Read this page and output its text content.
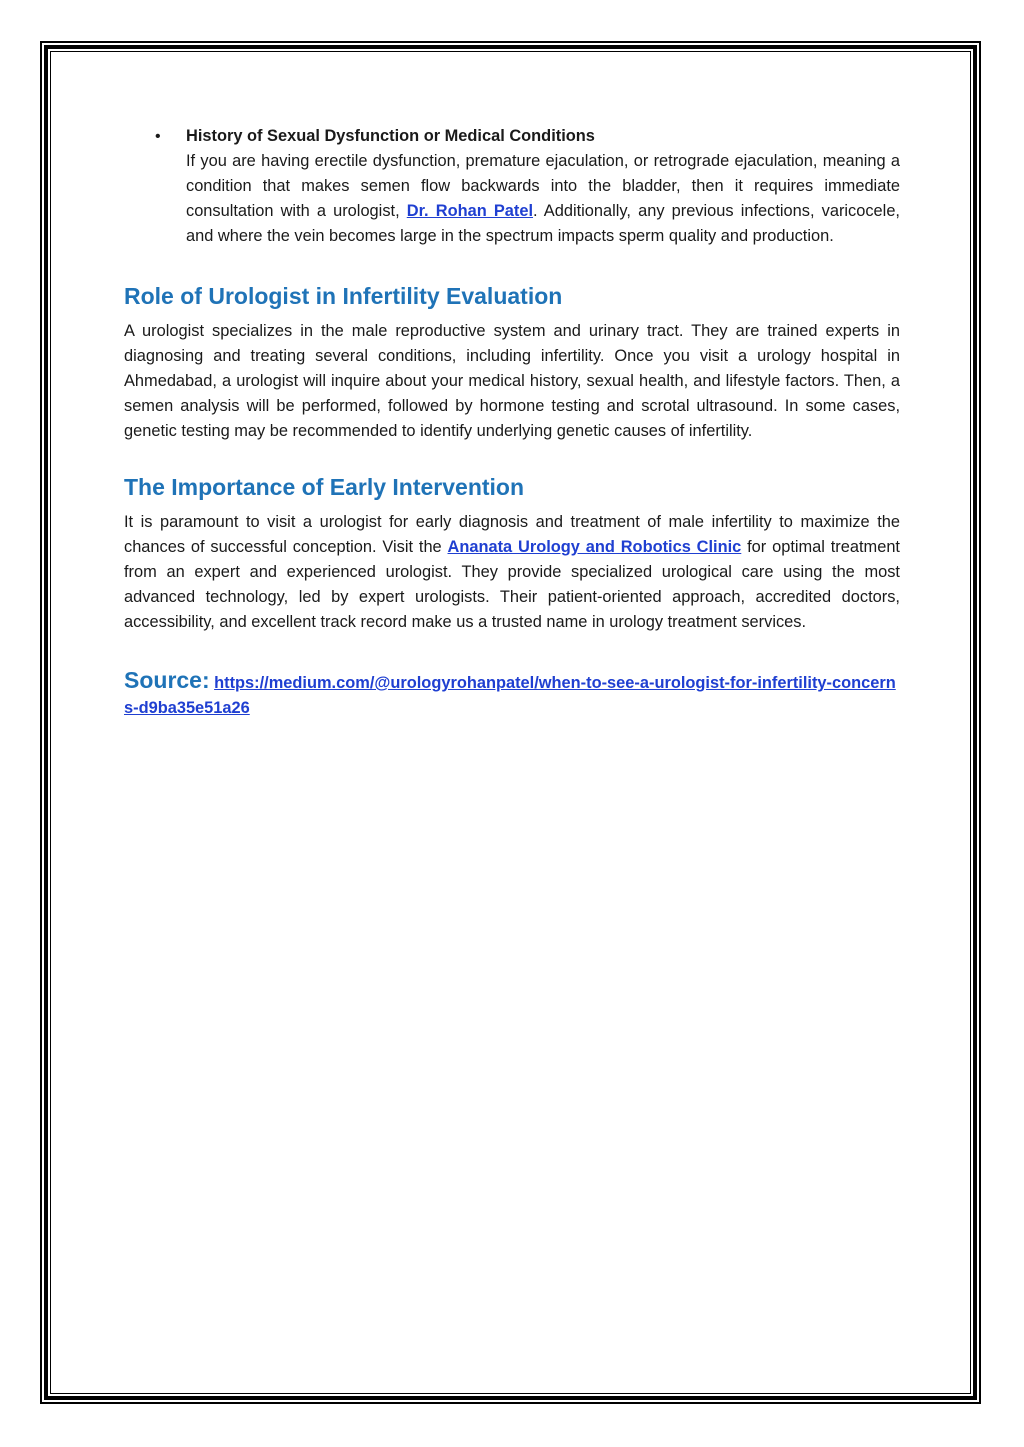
• History of Sexual Dysfunction or Medical Conditions
If you are having erectile dysfunction, premature ejaculation, or retrograde ejaculation, meaning a condition that makes semen flow backwards into the bladder, then it requires immediate consultation with a urologist, Dr. Rohan Patel. Additionally, any previous infections, varicocele, and where the vein becomes large in the spectrum impacts sperm quality and production.
Role of Urologist in Infertility Evaluation

A urologist specializes in the male reproductive system and urinary tract. They are trained experts in diagnosing and treating several conditions, including infertility. Once you visit a urology hospital in Ahmedabad, a urologist will inquire about your medical history, sexual health, and lifestyle factors. Then, a semen analysis will be performed, followed by hormone testing and scrotal ultrasound. In some cases, genetic testing may be recommended to identify underlying genetic causes of infertility.

The Importance of Early Intervention

It is paramount to visit a urologist for early diagnosis and treatment of male infertility to maximize the chances of successful conception. Visit the Ananata Urology and Robotics Clinic for optimal treatment from an expert and experienced urologist. They provide specialized urological care using the most advanced technology, led by expert urologists. Their patient-oriented approach, accredited doctors, accessibility, and excellent track record make us a trusted name in urology treatment services.

Source: https://medium.com/@urologyrohanpatel/when-to-see-a-urologist-for-infertility-concerns-d9ba35e51a26
